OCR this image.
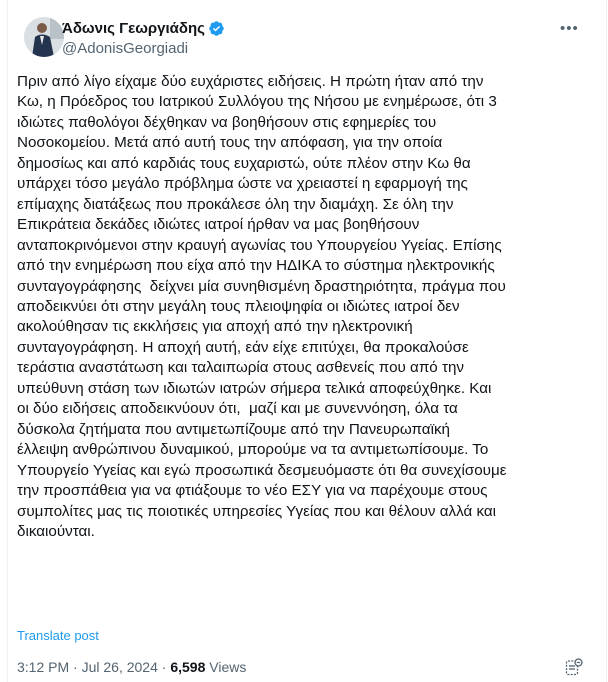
Άδωνις Γεωργιάδης
@AdonisGeorgiadi
•••
Πριν από λίγο είχαμε δύο ευχάριστες ειδήσεις. Η πρώτη ήταν από την
Κω, η Πρόεδρος του Ιατρικού Συλλόγου της Νήσου με ενημέρωσε, ότι 3
ιδιώτες παθολόγοι δέχθηκαν να βοηθήσουν στις εφημερίες του
Νοσοκομείου. Μετά από αυτή τους την απόφαση, για την οποία
δημοσίως και από καρδιάς τους ευχαριστώ, ούτε πλέον στην Κω θα
υπάρχει τόσο μεγάλο πρόβλημα ώστε να χρειαστεί η εφαρμογή της
επίμαχης διατάξεως που προκάλεσε όλη την διαμάχη. Σε όλη την
Επικράτεια δεκάδες ιδιώτες ιατροί ήρθαν να μας βοηθήσουν
ανταποκρινόμενοι στην κραυγή αγωνίας του Υπουργείου Υγείας. Επίσης
από την ενημέρωση που είχα από την ΗΔΙΚΑ το σύστημα ηλεκτρονικής
συνταγογράφησης  δείχνει μία συνηθισμένη δραστηριότητα, πράγμα που
αποδεικνύει ότι στην μεγάλη τους πλειοψηφία οι ιδιώτες ιατροί δεν
ακολούθησαν τις εκκλήσεις για αποχή από την ηλεκτρονική
συνταγογράφηση. Η αποχή αυτή, εάν είχε επιτύχει, θα προκαλούσε
τεράστια αναστάτωση και ταλαιπωρία στους ασθενείς που από την
υπεύθυνη στάση των ιδιωτών ιατρών σήμερα τελικά αποφεύχθηκε. Και
οι δύο ειδήσεις αποδεικνύουν ότι,  μαζί και με συνεννόηση, όλα τα
δύσκολα ζητήματα που αντιμετωπίζουμε από την Πανευρωπαϊκή
έλλειψη ανθρώπινου δυναμικού, μπορούμε να τα αντιμετωπίσουμε. Το
Υπουργείο Υγείας και εγώ προσωπικά δεσμευόμαστε ότι θα συνεχίσουμε
την προσπάθεια για να φτιάξουμε το νέο ΕΣΥ για να παρέχουμε στους
συμπολίτες μας τις ποιοτικές υπηρεσίες Υγείας που και θέλουν αλλά και
δικαιούνται.
Translate post
3:12 PM · Jul 26, 2024 · 6,598 Views
